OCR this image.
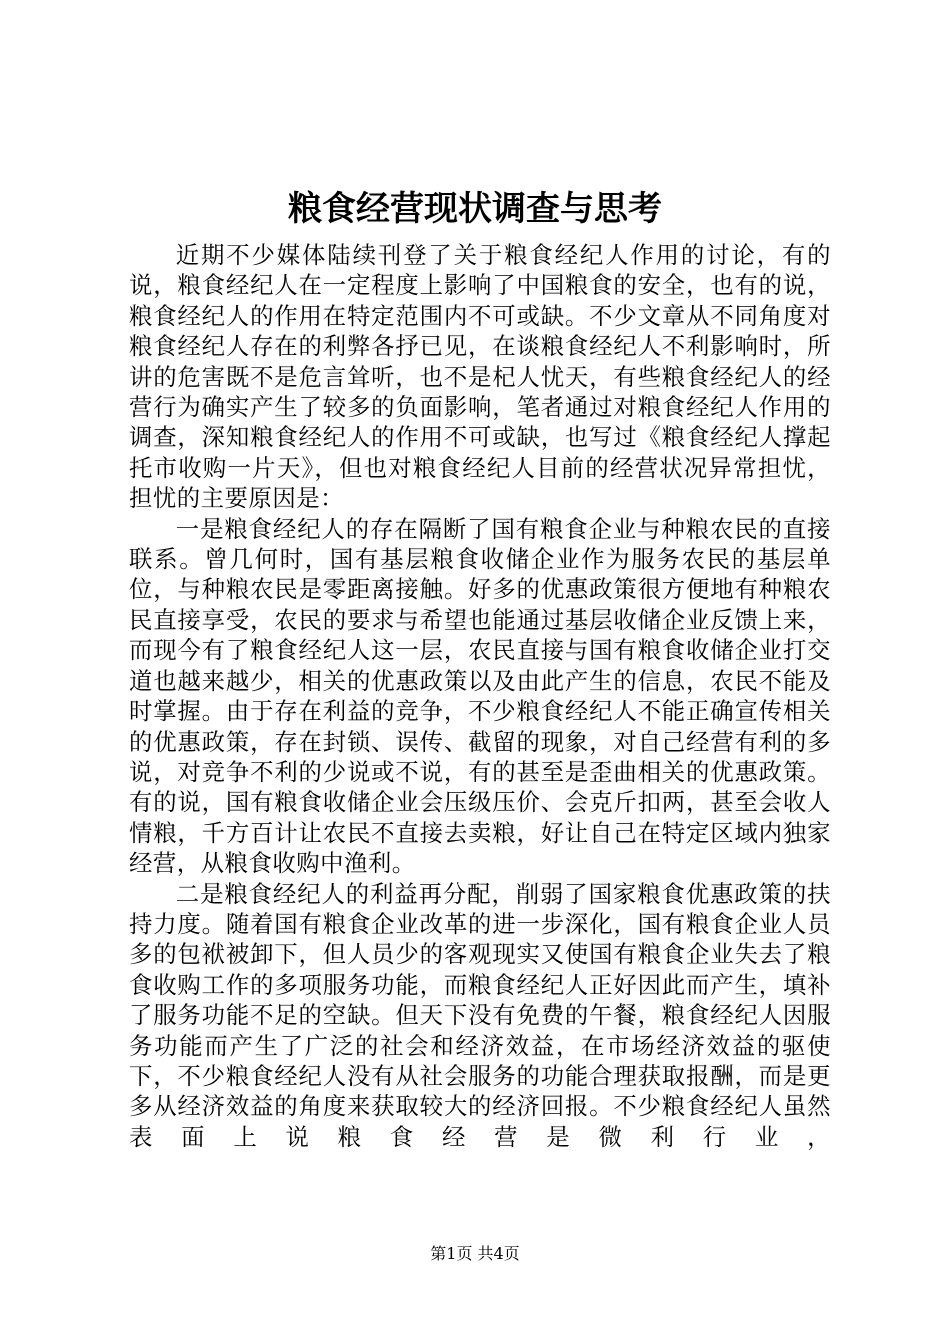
粮食经营现状调查与思考

近期不少媒体陆续刊登了关于粮食经纪人作用的讨论，有的说，粮食经纪人在一定程度上影响了中国粮食的安全，也有的说，粮食经纪人的作用在特定范围内不可或缺。不少文章从不同角度对粮食经纪人存在的利弊各抒已见，在谈粮食经纪人不利影响时，所讲的危害既不是危言耸听，也不是杞人忧天，有些粮食经纪人的经营行为确实产生了较多的负面影响，笔者通过对粮食经纪人作用的调查，深知粮食经纪人的作用不可或缺，也写过《粮食经纪人撑起托市收购一片天》，但也对粮食经纪人目前的经营状况异常担忧，担忧的主要原因是：

一是粮食经纪人的存在隔断了国有粮食企业与种粮农民的直接联系。曾几何时，国有基层粮食收储企业作为服务农民的基层单位，与种粮农民是零距离接触。好多的优惠政策很方便地有种粮农民直接享受，农民的要求与希望也能通过基层收储企业反馈上来，而现今有了粮食经纪人这一层，农民直接与国有粮食收储企业打交道也越来越少，相关的优惠政策以及由此产生的信息，农民不能及时掌握。由于存在利益的竞争，不少粮食经纪人不能正确宣传相关的优惠政策，存在封锁、误传、截留的现象，对自己经营有利的多说，对竞争不利的少说或不说，有的甚至是歪曲相关的优惠政策。有的说，国有粮食收储企业会压级压价、会克斤扣两，甚至会收人情粮，千方百计让农民不直接去卖粮，好让自己在特定区域内独家经营，从粮食收购中渔利。

二是粮食经纪人的利益再分配，削弱了国家粮食优惠政策的扶持力度。随着国有粮食企业改革的进一步深化，国有粮食企业人员多的包袱被卸下，但人员少的客观现实又使国有粮食企业失去了粮食收购工作的多项服务功能，而粮食经纪人正好因此而产生，填补了服务功能不足的空缺。但天下没有免费的午餐，粮食经纪人因服务功能而产生了广泛的社会和经济效益，在市场经济效益的驱使下，不少粮食经纪人没有从社会服务的功能合理获取报酬，而是更多从经济效益的角度来获取较大的经济回报。不少粮食经纪人虽然表面上说粮食经营是微利行业，

第1页 共4页
